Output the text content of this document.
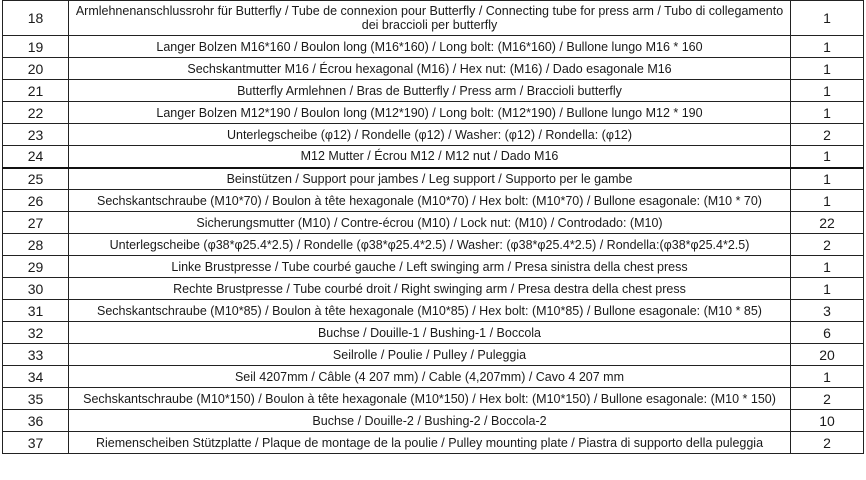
18	Armlehnenanschlussrohr für Butterfly / Tube de connexion pour Butterfly / Connecting tube for press arm / Tubo di collegamento dei braccioli per butterfly	1
19	Langer Bolzen M16*160 / Boulon long (M16*160) / Long bolt: (M16*160) / Bullone lungo M16 * 160	1
20	Sechskantmutter M16 / Écrou hexagonal (M16) / Hex nut: (M16) / Dado esagonale M16	1
21	Butterfly Armlehnen / Bras de Butterfly / Press arm / Braccioli butterfly	1
22	Langer Bolzen M12*190 / Boulon long (M12*190) / Long bolt: (M12*190) / Bullone lungo M12 * 190	1
23	Unterlegscheibe (φ12) / Rondelle (φ12) / Washer: (φ12) / Rondella: (φ12)	2
24	M12 Mutter / Écrou M12 / M12 nut / Dado M16	1
25	Beinstützen / Support pour jambes / Leg support / Supporto per le gambe	1
26	Sechskantschraube (M10*70) / Boulon à tête hexagonale (M10*70) / Hex bolt: (M10*70) / Bullone esagonale: (M10 * 70)	1
27	Sicherungsmutter (M10) / Contre-écrou (M10) / Lock nut: (M10) / Controdado: (M10)	22
28	Unterlegscheibe (φ38*φ25.4*2.5) / Rondelle (φ38*φ25.4*2.5) / Washer: (φ38*φ25.4*2.5) / Rondella:(φ38*φ25.4*2.5)	2
29	Linke Brustpresse / Tube courbé gauche / Left swinging arm / Presa sinistra della chest press	1
30	Rechte Brustpresse / Tube courbé droit / Right swinging arm / Presa destra della chest press	1
31	Sechskantschraube (M10*85) / Boulon à tête hexagonale (M10*85) / Hex bolt: (M10*85) / Bullone esagonale: (M10 * 85)	3
32	Buchse / Douille-1 / Bushing-1 / Boccola	6
33	Seilrolle / Poulie / Pulley / Puleggia	20
34	Seil 4207mm / Câble (4 207 mm) / Cable (4,207mm) / Cavo 4 207 mm	1
35	Sechskantschraube (M10*150) / Boulon à tête hexagonale (M10*150) / Hex bolt: (M10*150) / Bullone esagonale: (M10 * 150)	2
36	Buchse / Douille-2 / Bushing-2 / Boccola-2	10
37	Riemenscheiben Stützplatte / Plaque de montage de la poulie / Pulley mounting plate / Piastra di supporto della puleggia	2
